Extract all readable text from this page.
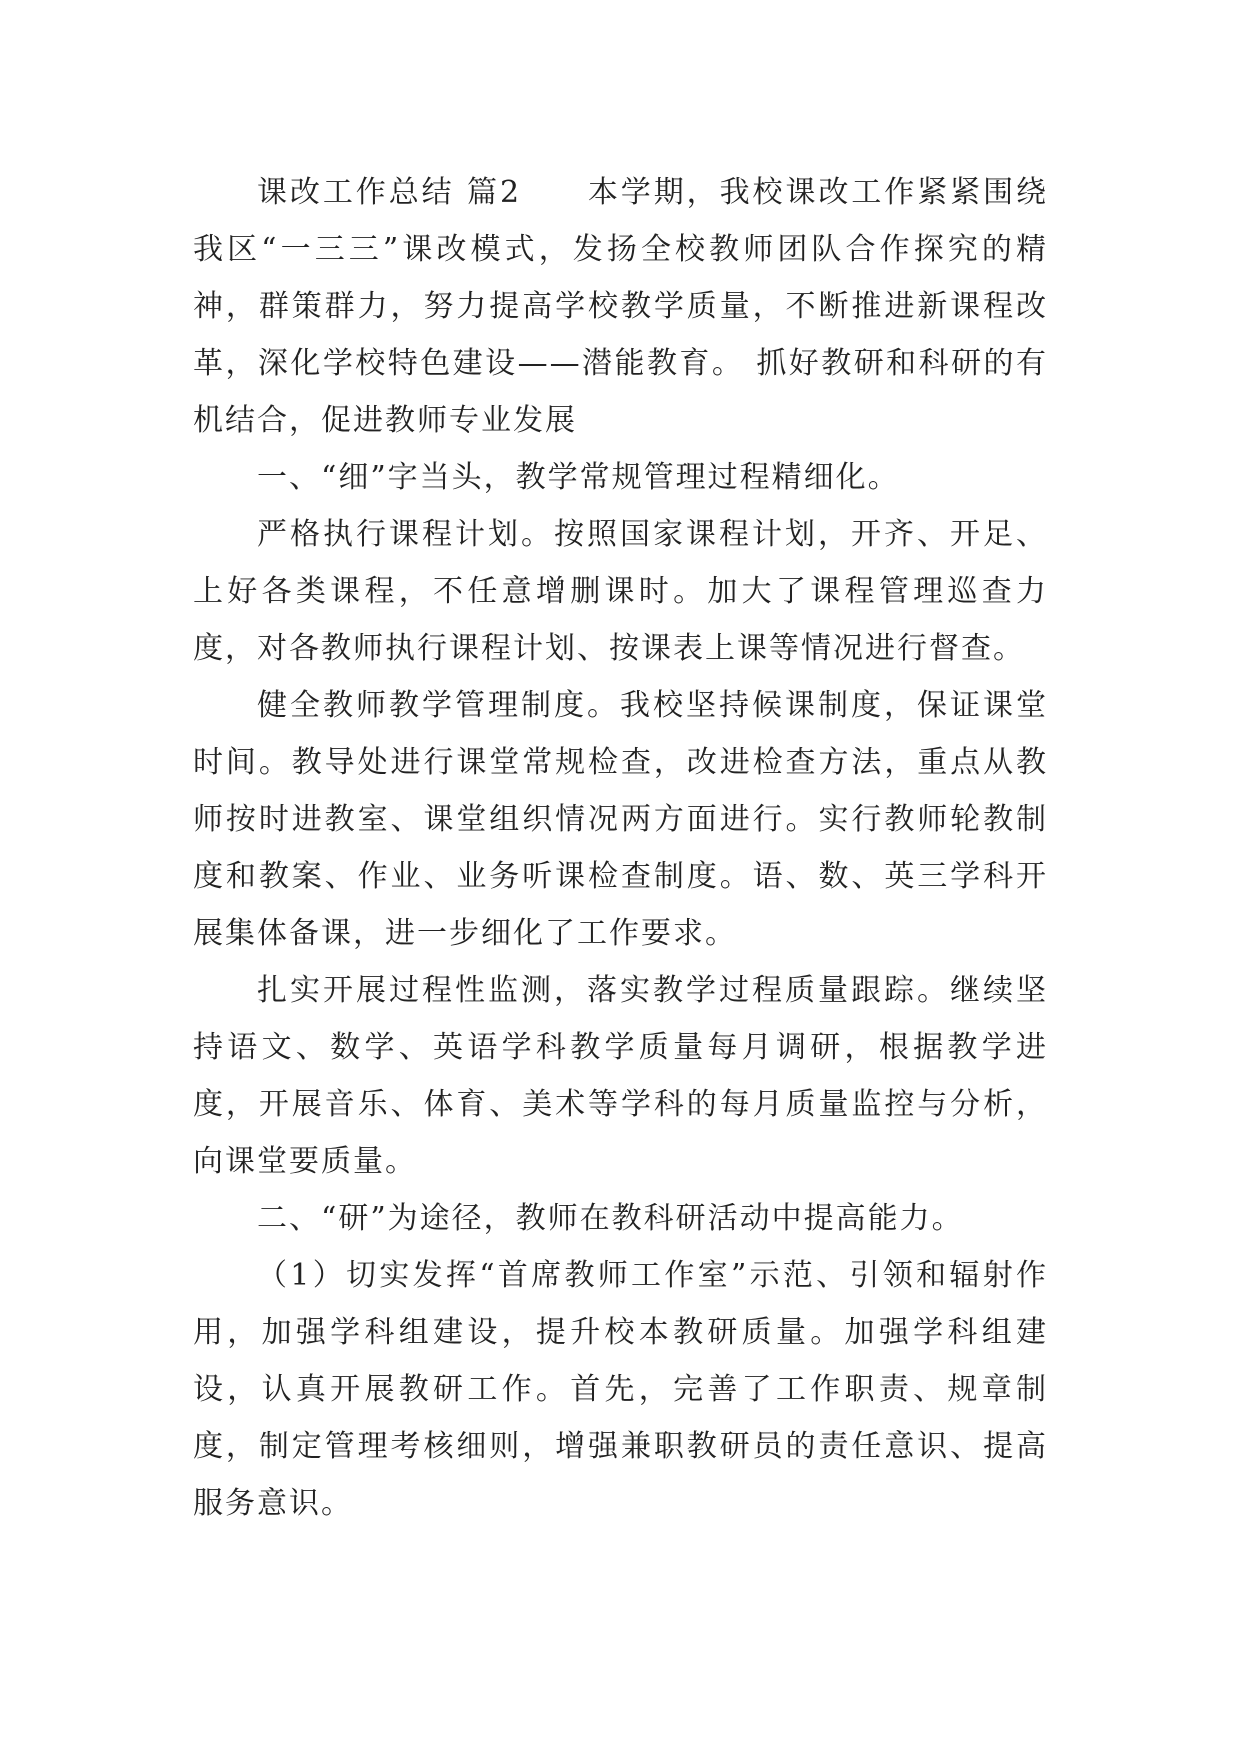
课改工作总结 篇2　　本学期，我校课改工作紧紧围绕我区“一三三”课改模式，发扬全校教师团队合作探究的精神，群策群力，努力提高学校教学质量，不断推进新课程改革，深化学校特色建设——潜能教育。 抓好教研和科研的有机结合，促进教师专业发展

一、“细”字当头，教学常规管理过程精细化。

严格执行课程计划。按照国家课程计划，开齐、开足、上好各类课程，不任意增删课时。加大了课程管理巡查力度，对各教师执行课程计划、按课表上课等情况进行督查。

健全教师教学管理制度。我校坚持候课制度，保证课堂时间。教导处进行课堂常规检查，改进检查方法，重点从教师按时进教室、课堂组织情况两方面进行。实行教师轮教制度和教案、作业、业务听课检查制度。语、数、英三学科开展集体备课，进一步细化了工作要求。

扎实开展过程性监测，落实教学过程质量跟踪。继续坚持语文、数学、英语学科教学质量每月调研，根据教学进度，开展音乐、体育、美术等学科的每月质量监控与分析，向课堂要质量。

二、“研”为途径，教师在教科研活动中提高能力。

（1）切实发挥“首席教师工作室”示范、引领和辐射作用，加强学科组建设，提升校本教研质量。加强学科组建设，认真开展教研工作。首先，完善了工作职责、规章制度，制定管理考核细则，增强兼职教研员的责任意识、提高服务意识。
